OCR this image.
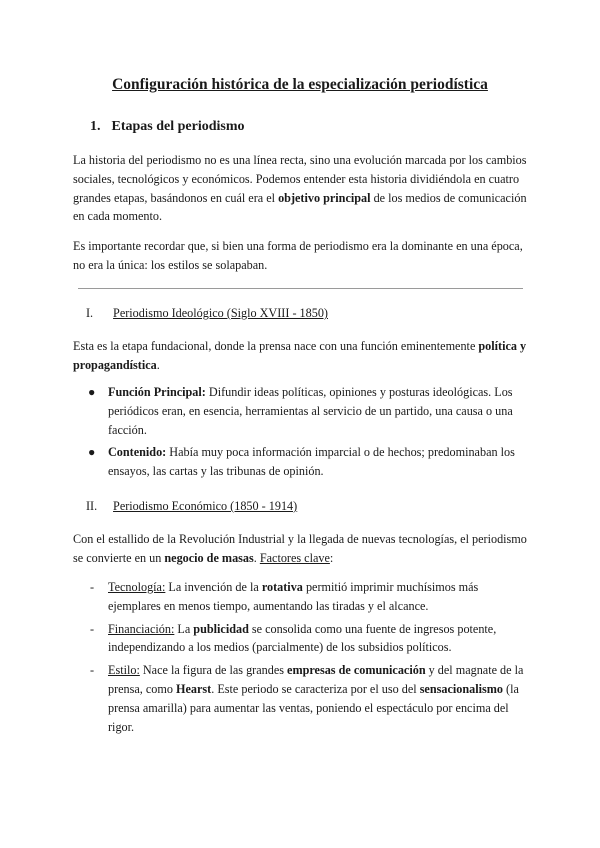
Configuración histórica de la especialización periodística
1. Etapas del periodismo

La historia del periodismo no es una línea recta, sino una evolución marcada por los cambios sociales, tecnológicos y económicos. Podemos entender esta historia dividiéndola en cuatro grandes etapas, basándonos en cuál era el objetivo principal de los medios de comunicación en cada momento.

Es importante recordar que, si bien una forma de periodismo era la dominante en una época, no era la única: los estilos se solapaban.

I. Periodismo Ideológico (Siglo XVIII - 1850)

Esta es la etapa fundacional, donde la prensa nace con una función eminentemente política y propagandística.

● Función Principal: Difundir ideas políticas, opiniones y posturas ideológicas. Los periódicos eran, en esencia, herramientas al servicio de un partido, una causa o una facción.
● Contenido: Había muy poca información imparcial o de hechos; predominaban los ensayos, las cartas y las tribunas de opinión.
II. Periodismo Económico (1850 - 1914)

Con el estallido de la Revolución Industrial y la llegada de nuevas tecnologías, el periodismo se convierte en un negocio de masas. Factores clave:

- Tecnología: La invención de la rotativa permitió imprimir muchísimos más ejemplares en menos tiempo, aumentando las tiradas y el alcance.
- Financiación: La publicidad se consolida como una fuente de ingresos potente, independizando a los medios (parcialmente) de los subsidios políticos.
- Estilo: Nace la figura de las grandes empresas de comunicación y del magnate de la prensa, como Hearst. Este periodo se caracteriza por el uso del sensacionalismo (la prensa amarilla) para aumentar las ventas, poniendo el espectáculo por encima del rigor.
